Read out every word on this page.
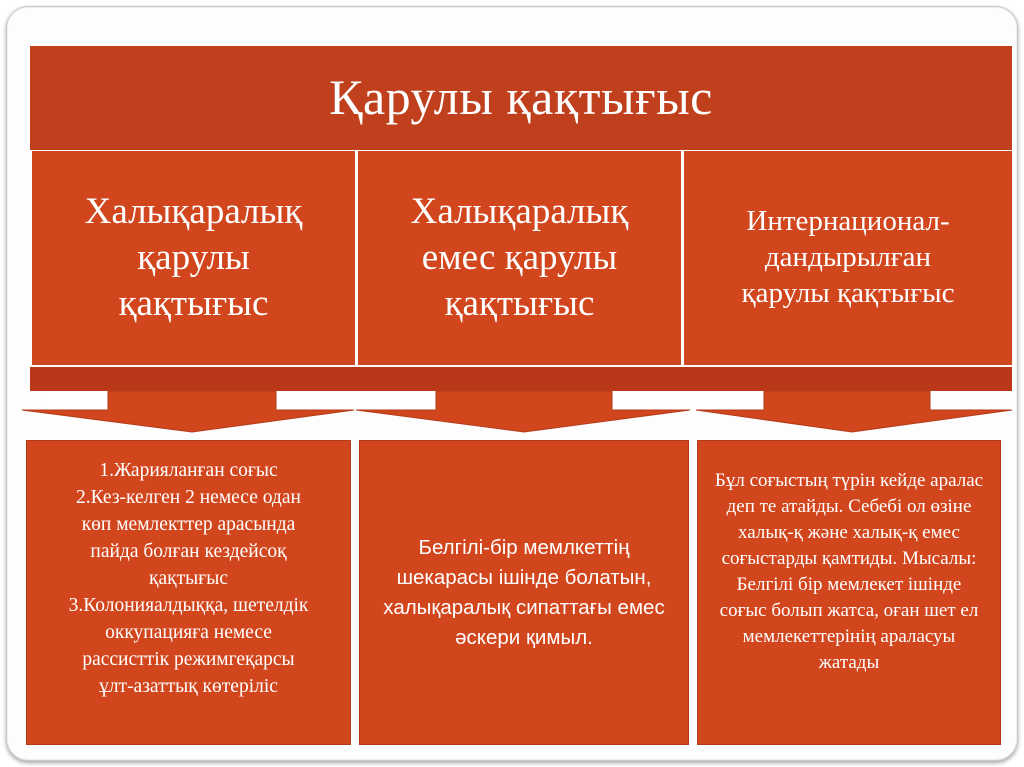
Қарулы қақтығыс
Халықаралық
қарулы
қақтығыс
Халықаралық
емес қарулы
қақтығыс
Интернационал-
дандырылған
қарулы қақтығыс
1.Жарияланған соғыс
2.Кез-келген 2 немесе одан
көп мемлекттер арасында
пайда болған кездейсоқ
қақтығыс
3.Колонияалдыққа, шетелдік
оккупацияға немесе
рассисттік режимгеқарсы
ұлт-азаттық көтеріліс
Белгілі-бір мемлкеттің шекарасы ішінде болатын, халықаралық сипаттағы емес әскери қимыл.
Бұл соғыстың түрін кейде аралас деп те атайды. Себебі ол өзіне халық-қ және халық-қ емес соғыстарды қамтиды. Мысалы: Белгілі бір мемлекет ішінде соғыс болып жатса, оған шет ел мемлекеттерінің араласуы жатады
